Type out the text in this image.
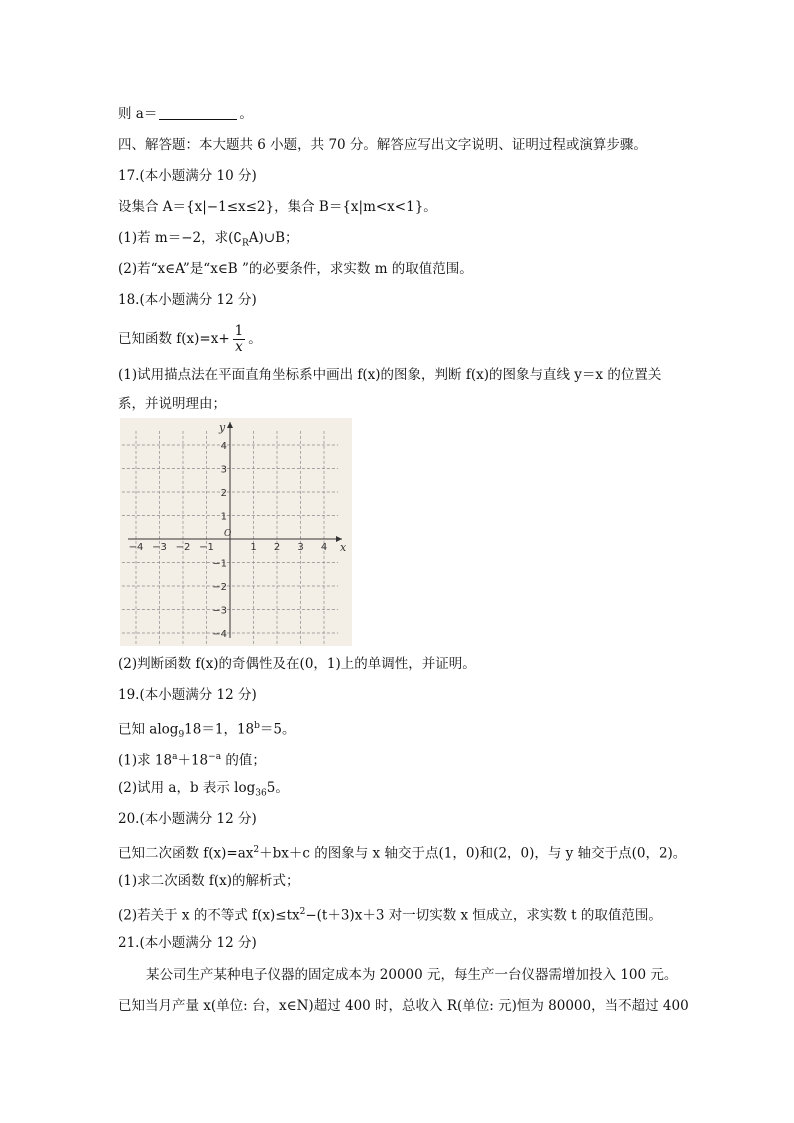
则 a＝	。
四、解答题：本大题共 6 小题，共 70 分。解答应写出文字说明、证明过程或演算步骤。
17.(本小题满分 10 分)
设集合 A＝{x|−1≤x≤2}，集合 B＝{x|m<x<1}。
(1)若 m＝−2，求$(∁_RA)\cup B$；
(2)若“x∈A”是“x∈B ”的必要条件，求实数 m 的取值范围。
18.(本小题满分 12 分)
已知函数 $f(x)=x+ \frac{1}{x}$ 。
(1)试用描点法在平面直角坐标系中画出 f(x)的图象，判断 f(x)的图象与直线 y＝x 的位置关
系，并说明理由；
−4 −3 −2 −1	1 2 3 4
4
3
2
1
−1
−2
−3
−4
x
y
O
(2)判断函数 f(x)的奇偶性及在(0，1)上的单调性，并证明。
19.(本小题满分 12 分)
已知 alog$_9$18＝1，$18^b=5$。
(1)求 $18^a+18^{-a}$ 的值；
(2)试用 a，b 表示 $\log_{36}5$。
20.(本小题满分 12 分)
已知二次函数 $f(x)=ax^2+bx+c$ 的图象与 x 轴交于点(1，0)和(2，0)，与 y 轴交于点(0，2)。
(1)求二次函数 f(x)的解析式；
(2)若关于 x 的不等式 $f(x)\le tx^2-(t+3)x+3$ 对一切实数 x 恒成立，求实数 t 的取值范围。
21.(本小题满分 12 分)
某公司生产某种电子仪器的固定成本为 20000 元，每生产一台仪器需增加投入 100 元。
已知当月产量 x(单位: 台，x∈N)超过 400 时，总收入 R(单位: 元)恒为 80000，当不超过 400
